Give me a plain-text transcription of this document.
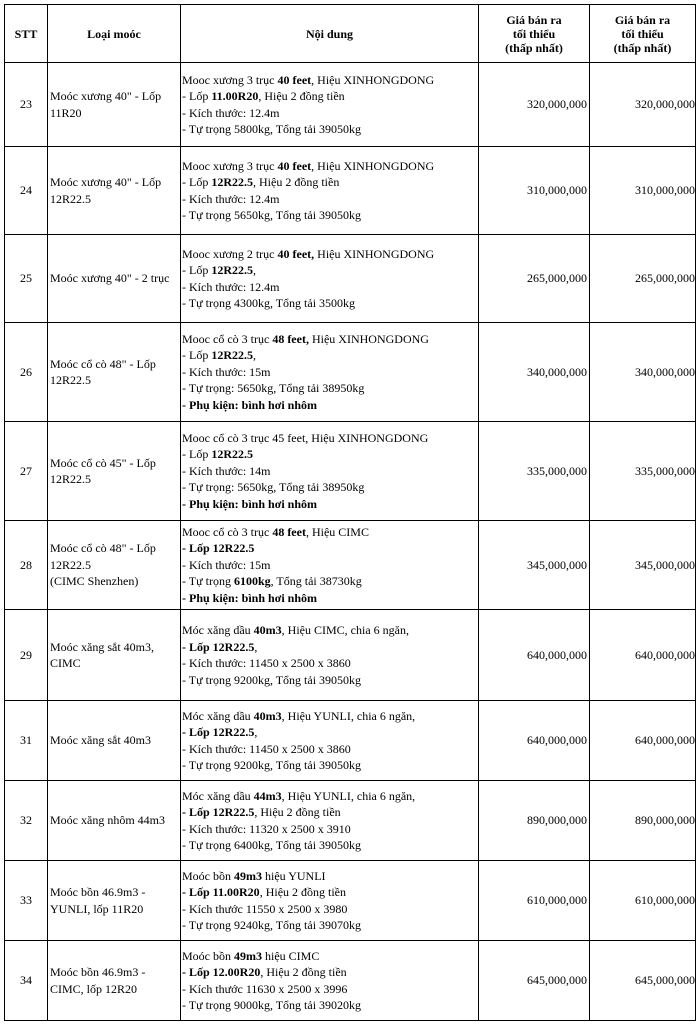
STT	Loại moóc	Nội dung	Giá bán ra
tối thiểu
(thấp nhất)	Giá bán ra
tối thiểu
(thấp nhất)

23	Moóc xương 40" - Lốp
11R20	Mooc xương 3 trục 40 feet, Hiệu XINHONGDONG
- Lốp 11.00R20, Hiệu 2 đồng tiền
- Kích thước: 12.4m
- Tự trọng 5800kg, Tổng tải 39050kg	320,000,000	320,000,000
24	Moóc xương 40" - Lốp
12R22.5	Mooc xương 3 trục 40 feet, Hiệu XINHONGDONG
- Lốp 12R22.5, Hiệu 2 đồng tiền
- Kích thước: 12.4m
- Tự trọng 5650kg, Tổng tải 39050kg	310,000,000	310,000,000
25	Moóc xương 40" - 2 trục	Mooc xương 2 trục 40 feet, Hiệu XINHONGDONG
- Lốp 12R22.5,
- Kích thước: 12.4m
- Tự trọng 4300kg, Tổng tải 3500kg	265,000,000	265,000,000
26	Moóc cổ cò 48" - Lốp
12R22.5	Mooc cổ cò 3 trục 48 feet, Hiệu XINHONGDONG
- Lốp 12R22.5,
- Kích thước: 15m
- Tự trọng: 5650kg, Tổng tải 38950kg
- Phụ kiện: bình hơi nhôm	340,000,000	340,000,000
27	Moóc cổ cò 45" - Lốp
12R22.5	Mooc cổ cò 3 trục 45 feet, Hiệu XINHONGDONG
- Lốp 12R22.5
- Kích thước: 14m
- Tự trọng: 5650kg, Tổng tải 38950kg
- Phụ kiện: bình hơi nhôm	335,000,000	335,000,000
28	Moóc cổ cò 48" - Lốp
12R22.5
(CIMC Shenzhen)	Mooc cổ cò 3 trục 48 feet, Hiệu CIMC
- Lốp 12R22.5
- Kích thước: 15m
- Tự trọng 6100kg, Tổng tải 38730kg
- Phụ kiện: bình hơi nhôm	345,000,000	345,000,000
29	Moóc xăng sắt 40m3,
CIMC	Móc xăng dầu 40m3, Hiệu CIMC, chia 6 ngăn,
- Lốp 12R22.5,
- Kích thước: 11450 x 2500 x 3860
- Tự trọng 9200kg, Tổng tải 39050kg	640,000,000	640,000,000
31	Moóc xăng sắt 40m3	Móc xăng dầu 40m3, Hiệu YUNLI, chia 6 ngăn,
- Lốp 12R22.5,
- Kích thước: 11450 x 2500 x 3860
- Tự trọng 9200kg, Tổng tải 39050kg	640,000,000	640,000,000
32	Moóc xăng nhôm 44m3	Móc xăng dầu 44m3, Hiệu YUNLI, chia 6 ngăn,
- Lốp 12R22.5, Hiệu 2 đồng tiền
- Kích thước: 11320 x 2500 x 3910
- Tự trọng 6400kg, Tổng tải 39050kg	890,000,000	890,000,000
33	Moóc bồn 46.9m3 -
YUNLI, lốp 11R20	Moóc bồn 49m3 hiệu YUNLI
- Lốp 11.00R20, Hiệu 2 đồng tiền
- Kích thước 11550 x 2500 x 3980
- Tự trọng 9240kg, Tổng tải 39070kg	610,000,000	610,000,000
34	Moóc bồn 46.9m3 -
CIMC, lốp 12R20	Moóc bồn 49m3 hiệu CIMC
- Lốp 12.00R20, Hiệu 2 đồng tiền
- Kích thước 11630 x 2500 x 3996
- Tự trọng 9000kg, Tổng tải 39020kg	645,000,000	645,000,000
